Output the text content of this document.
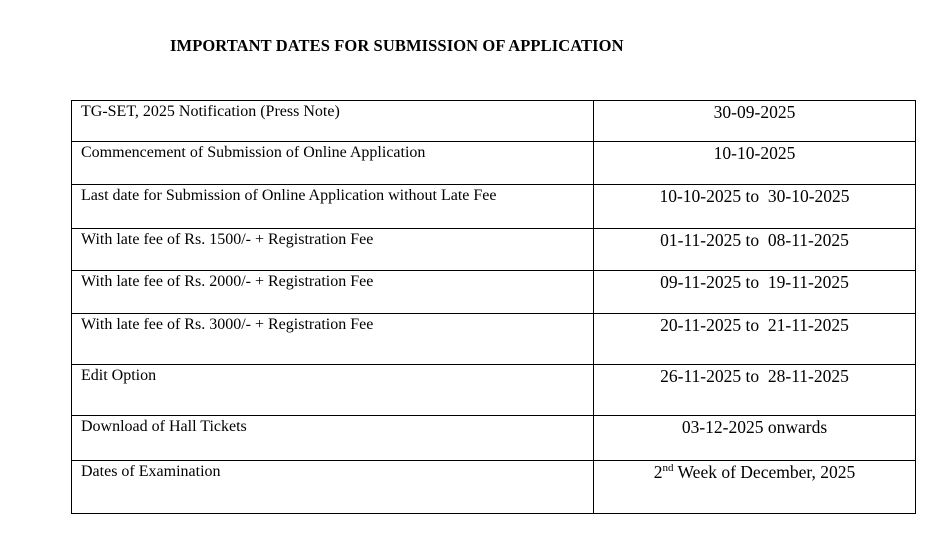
IMPORTANT DATES FOR SUBMISSION OF APPLICATION
TG-SET, 2025 Notification (Press Note)	30-09-2025
Commencement of Submission of Online Application	10-10-2025
Last date for Submission of Online Application without Late Fee	10-10-2025 to  30-10-2025
With late fee of Rs. 1500/- + Registration Fee	01-11-2025 to  08-11-2025
With late fee of Rs. 2000/- + Registration Fee	09-11-2025 to  19-11-2025
With late fee of Rs. 3000/- + Registration Fee	20-11-2025 to  21-11-2025
Edit Option	26-11-2025 to  28-11-2025
Download of Hall Tickets	03-12-2025 onwards
Dates of Examination	2nd Week of December, 2025
